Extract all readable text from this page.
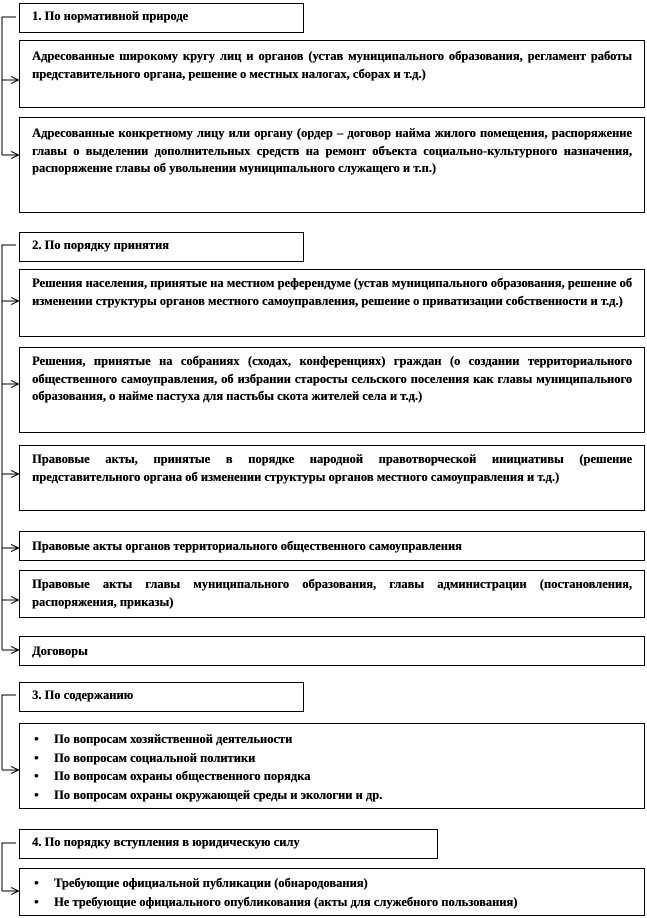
1. По нормативной природе
Адресованные широкому кругу лиц и органов (устав муниципального образования, регламент работы представительного органа, решение о местных налогах, сборах и т.д.)
Адресованные конкретному лицу или органу (ордер – договор найма жилого помещения, распоряжение главы о выделении дополнительных средств на ремонт объекта социально-культурного назначения, распоряжение главы об увольнении муниципального служащего и т.п.)
2. По порядку принятия
Решения населения, принятые на местном референдуме (устав муниципального образования, решение об изменении структуры органов местного самоуправления, решение о приватизации собственности и т.д.)
Решения, принятые на собраниях (сходах, конференциях) граждан (о создании территориального общественного самоуправления, об избрании старосты сельского поселения как главы муниципального образования, о найме пастуха для пастьбы скота жителей села и т.д.)
Правовые акты, принятые в порядке народной правотворческой инициативы (решение представительного органа об изменении структуры органов местного самоуправления и т.д.)
Правовые акты органов территориального общественного самоуправления
Правовые акты главы муниципального образования, главы администрации (постановления, распоряжения, приказы)
Договоры
3. По содержанию
• По вопросам хозяйственной деятельности
• По вопросам социальной политики
• По вопросам охраны общественного порядка
• По вопросам охраны окружающей среды и экологии и др.
4. По порядку вступления в юридическую силу
• Требующие официальной публикации (обнародования)
• Не требующие официального опубликования (акты для служебного пользования)
